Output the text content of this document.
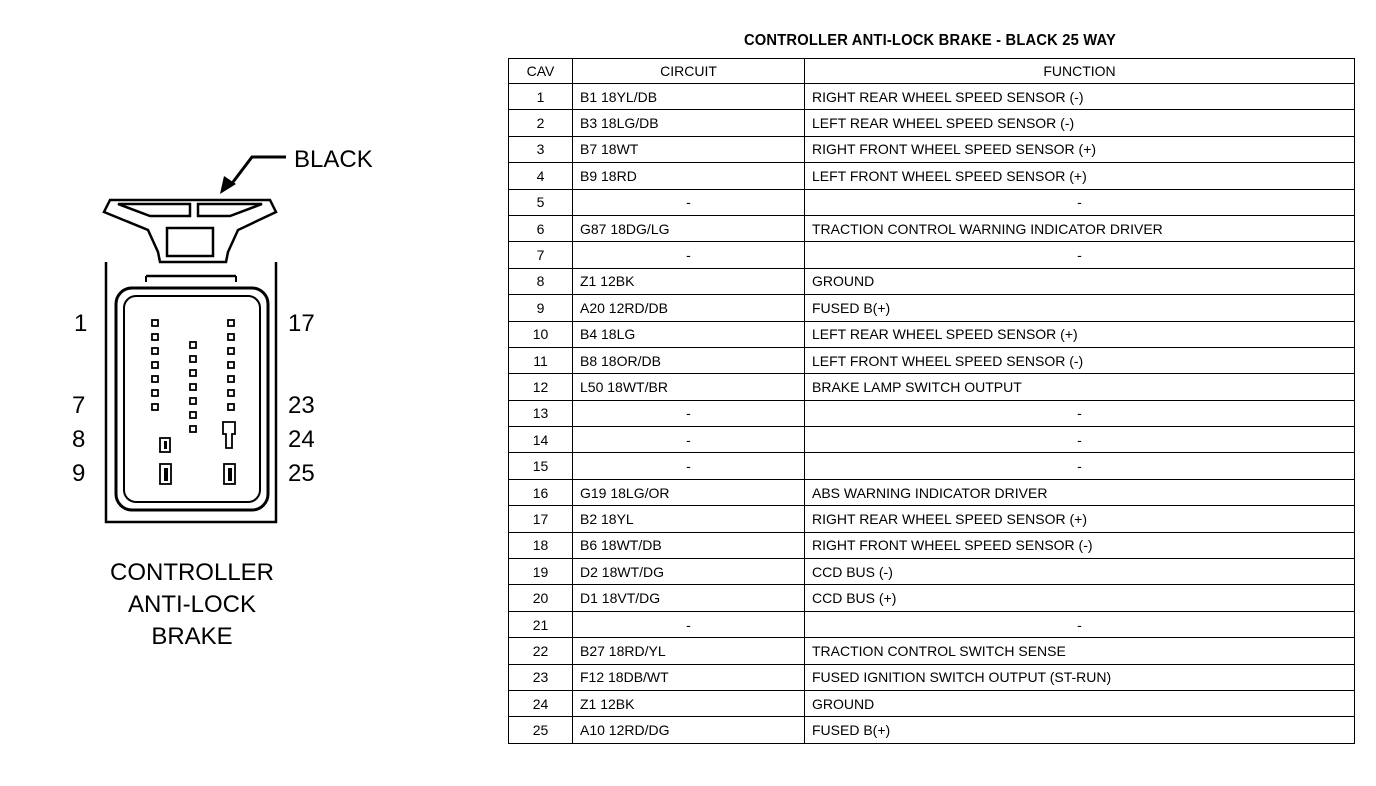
BLACK
1
7
8
9
17
23
24
25
CONTROLLER
ANTI-LOCK
BRAKE
CONTROLLER ANTI-LOCK BRAKE - BLACK 25 WAY
CAV	CIRCUIT	FUNCTION
1	B1 18YL/DB	RIGHT REAR WHEEL SPEED SENSOR (-)
2	B3 18LG/DB	LEFT REAR WHEEL SPEED SENSOR (-)
3	B7 18WT	RIGHT FRONT WHEEL SPEED SENSOR (+)
4	B9 18RD	LEFT FRONT WHEEL SPEED SENSOR (+)
5	-	-
6	G87 18DG/LG	TRACTION CONTROL WARNING INDICATOR DRIVER
7	-	-
8	Z1 12BK	GROUND
9	A20 12RD/DB	FUSED B(+)
10	B4 18LG	LEFT REAR WHEEL SPEED SENSOR (+)
11	B8 18OR/DB	LEFT FRONT WHEEL SPEED SENSOR (-)
12	L50 18WT/BR	BRAKE LAMP SWITCH OUTPUT
13	-	-
14	-	-
15	-	-
16	G19 18LG/OR	ABS WARNING INDICATOR DRIVER
17	B2 18YL	RIGHT REAR WHEEL SPEED SENSOR (+)
18	B6 18WT/DB	RIGHT FRONT WHEEL SPEED SENSOR (-)
19	D2 18WT/DG	CCD BUS (-)
20	D1 18VT/DG	CCD BUS (+)
21	-	-
22	B27 18RD/YL	TRACTION CONTROL SWITCH SENSE
23	F12 18DB/WT	FUSED IGNITION SWITCH OUTPUT (ST-RUN)
24	Z1 12BK	GROUND
25	A10 12RD/DG	FUSED B(+)
